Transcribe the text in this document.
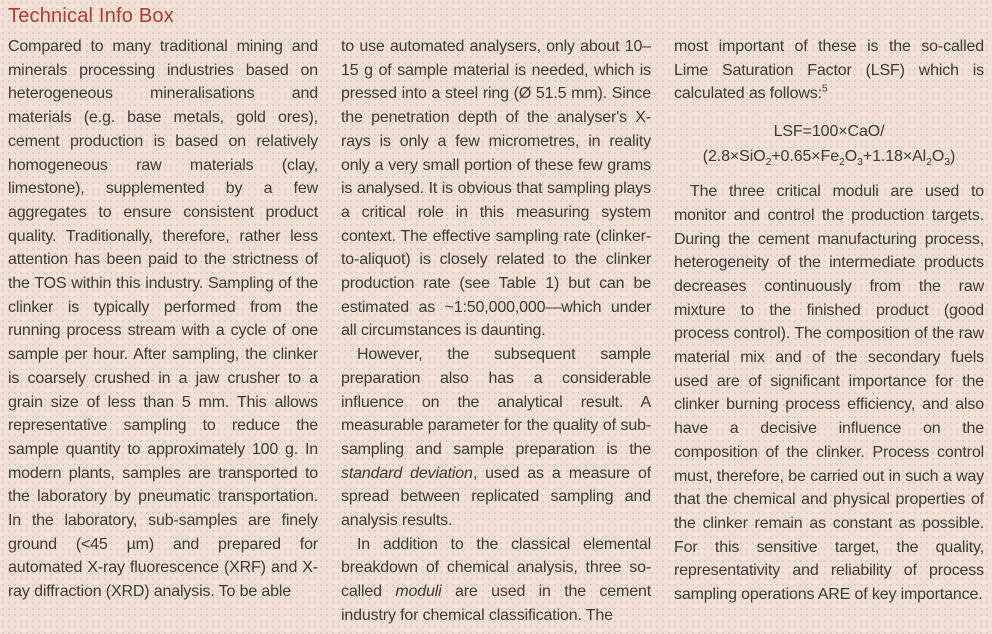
Technical Info Box

Compared to many traditional mining and minerals processing industries based on heterogeneous mineralisations and materials (e.g. base metals, gold ores), cement production is based on relatively homogeneous raw materials (clay, limestone), supplemented by a few aggregates to ensure consistent product quality. Traditionally, therefore, rather less attention has been paid to the strictness of the TOS within this industry. Sampling of the clinker is typically performed from the running process stream with a cycle of one sample per hour. After sampling, the clinker is coarsely crushed in a jaw crusher to a grain size of less than 5 mm. This allows representative sampling to reduce the sample quantity to approximately 100 g. In modern plants, samples are transported to the laboratory by pneumatic transportation. In the laboratory, sub-samples are finely ground (<45 µm) and prepared for automated X-ray fluorescence (XRF) and X-ray diffraction (XRD) analysis. To be able

to use automated analysers, only about 10–15 g of sample material is needed, which is pressed into a steel ring (Ø 51.5 mm). Since the penetration depth of the analyser's X-rays is only a few micrometres, in reality only a very small portion of these few grams is analysed. It is obvious that sampling plays a critical role in this measuring system context. The effective sampling rate (clinker-to-aliquot) is closely related to the clinker production rate (see Table 1) but can be estimated as ~1:50,000,000—which under all circumstances is daunting.

However, the subsequent sample preparation also has a considerable influence on the analytical result. A measurable parameter for the quality of sub-sampling and sample preparation is the standard deviation, used as a measure of spread between replicated sampling and analysis results.

In addition to the classical elemental breakdown of chemical analysis, three so-called moduli are used in the cement industry for chemical classification. The

most important of these is the so-called Lime Saturation Factor (LSF) which is calculated as follows:$^5$

LSF=100×CaO/
$(2.8\times SiO_2+0.65\times Fe_2O_3+1.18\times Al_2O_3)$

The three critical moduli are used to monitor and control the production targets. During the cement manufacturing process, heterogeneity of the intermediate products decreases continuously from the raw mixture to the finished product (good process control). The composition of the raw material mix and of the secondary fuels used are of significant importance for the clinker burning process efficiency, and also have a decisive influence on the composition of the clinker. Process control must, therefore, be carried out in such a way that the chemical and physical properties of the clinker remain as constant as possible. For this sensitive target, the quality, representativity and reliability of process sampling operations ARE of key importance.
